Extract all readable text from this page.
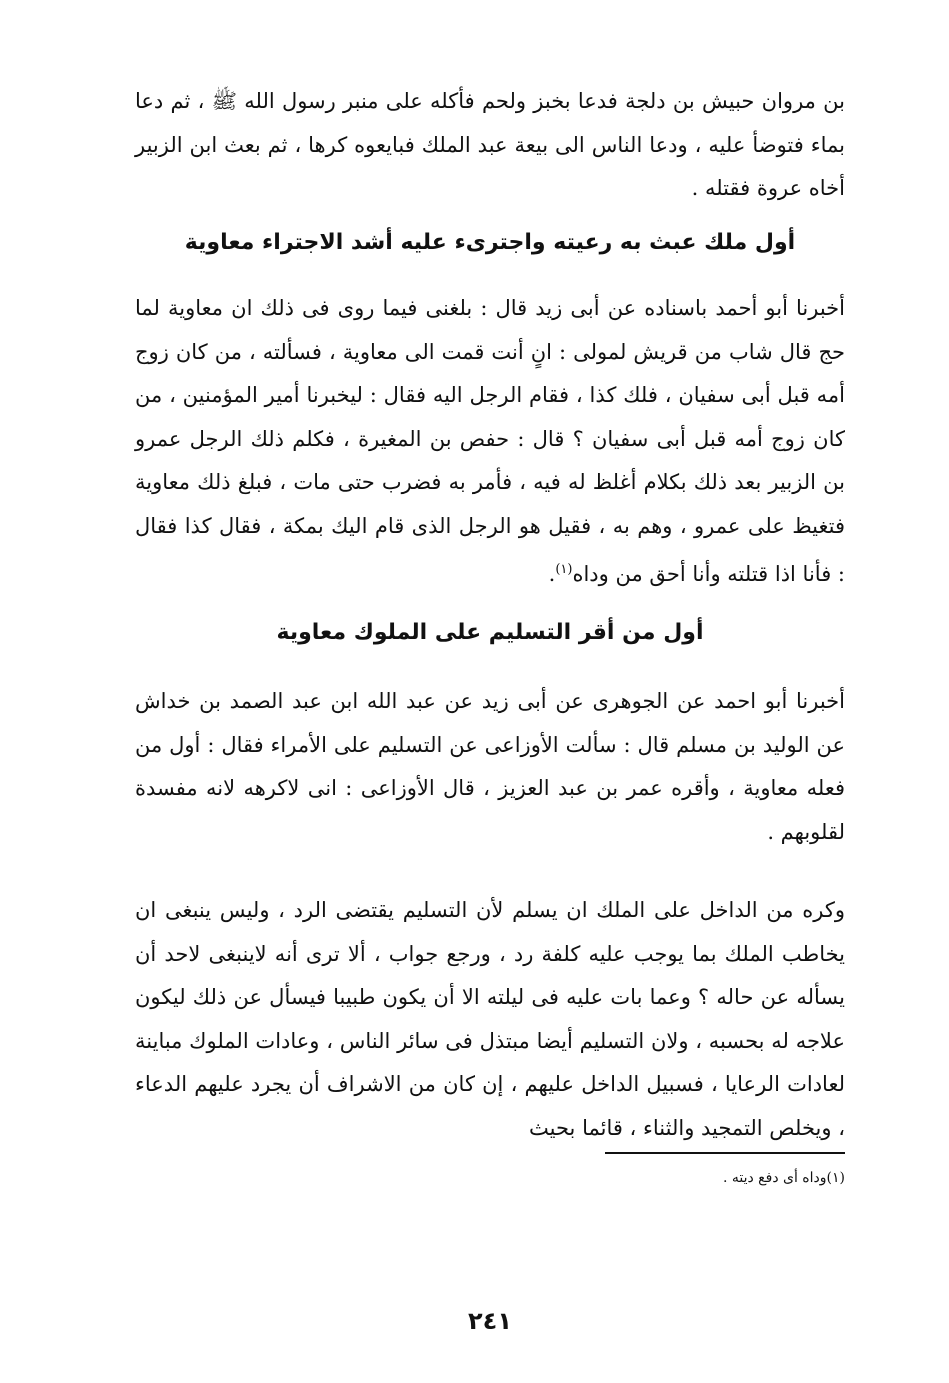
بن مروان حبيش بن دلجة فدعا بخبز ولحم فأكله على منبر رسول الله ﷺ ، ثم دعا بماء فتوضأ عليه ، ودعا الناس الى بيعة عبد الملك فبايعوه كرها ، ثم بعث ابن الزبير أخاه عروة فقتله .

أول ملك عبث به رعيته واجترىء عليه أشد الاجتراء معاوية

أخبرنا أبو أحمد باسناده عن أبى زيد قال : بلغنى فيما روى فى ذلك ان معاوية لما حج قال شاب من قريش لمولى : انٍ أنت قمت الى معاوية ، فسألته ، من كان زوج أمه قبل أبى سفيان ، فلك كذا ، فقام الرجل اليه فقال : ليخبرنا أمير المؤمنين ، من كان زوج أمه قبل أبى سفيان ؟ قال : حفص بن المغيرة ، فكلم ذلك الرجل عمرو بن الزبير بعد ذلك بكلام أغلظ له فيه ، فأمر به فضرب حتى مات ، فبلغ ذلك معاوية فتغيظ على عمرو ، وهم به ، فقيل هو الرجل الذى قام اليك بمكة ، فقال كذا فقال : فأنا اذا قتلته وأنا أحق من وداه$^{(١)}$.

أول من أقر التسليم على الملوك معاوية

أخبرنا أبو احمد عن الجوهرى عن أبى زيد عن عبد الله ابن عبد الصمد بن خداش عن الوليد بن مسلم قال : سألت الأوزاعى عن التسليم على الأمراء فقال : أول من فعله معاوية ، وأقره عمر بن عبد العزيز ، قال الأوزاعى : انى لاكرهه لانه مفسدة لقلوبهم .

وكره من الداخل على الملك ان يسلم لأن التسليم يقتضى الرد ، وليس ينبغى ان يخاطب الملك بما يوجب عليه كلفة رد ، ورجع جواب ، ألا ترى أنه لاينبغى لاحد أن يسأله عن حاله ؟ وعما بات عليه فى ليلته الا أن يكون طبيبا فيسأل عن ذلك ليكون علاجه له بحسبه ، ولان التسليم أيضا مبتذل فى سائر الناس ، وعادات الملوك مباينة لعادات الرعايا ، فسبيل الداخل عليهم ، إن كان من الاشراف أن يجرد عليهم الدعاء ، ويخلص التمجيد والثناء ، قائما بحيث

(١)وداه أى دفع ديته .
٢٤١
